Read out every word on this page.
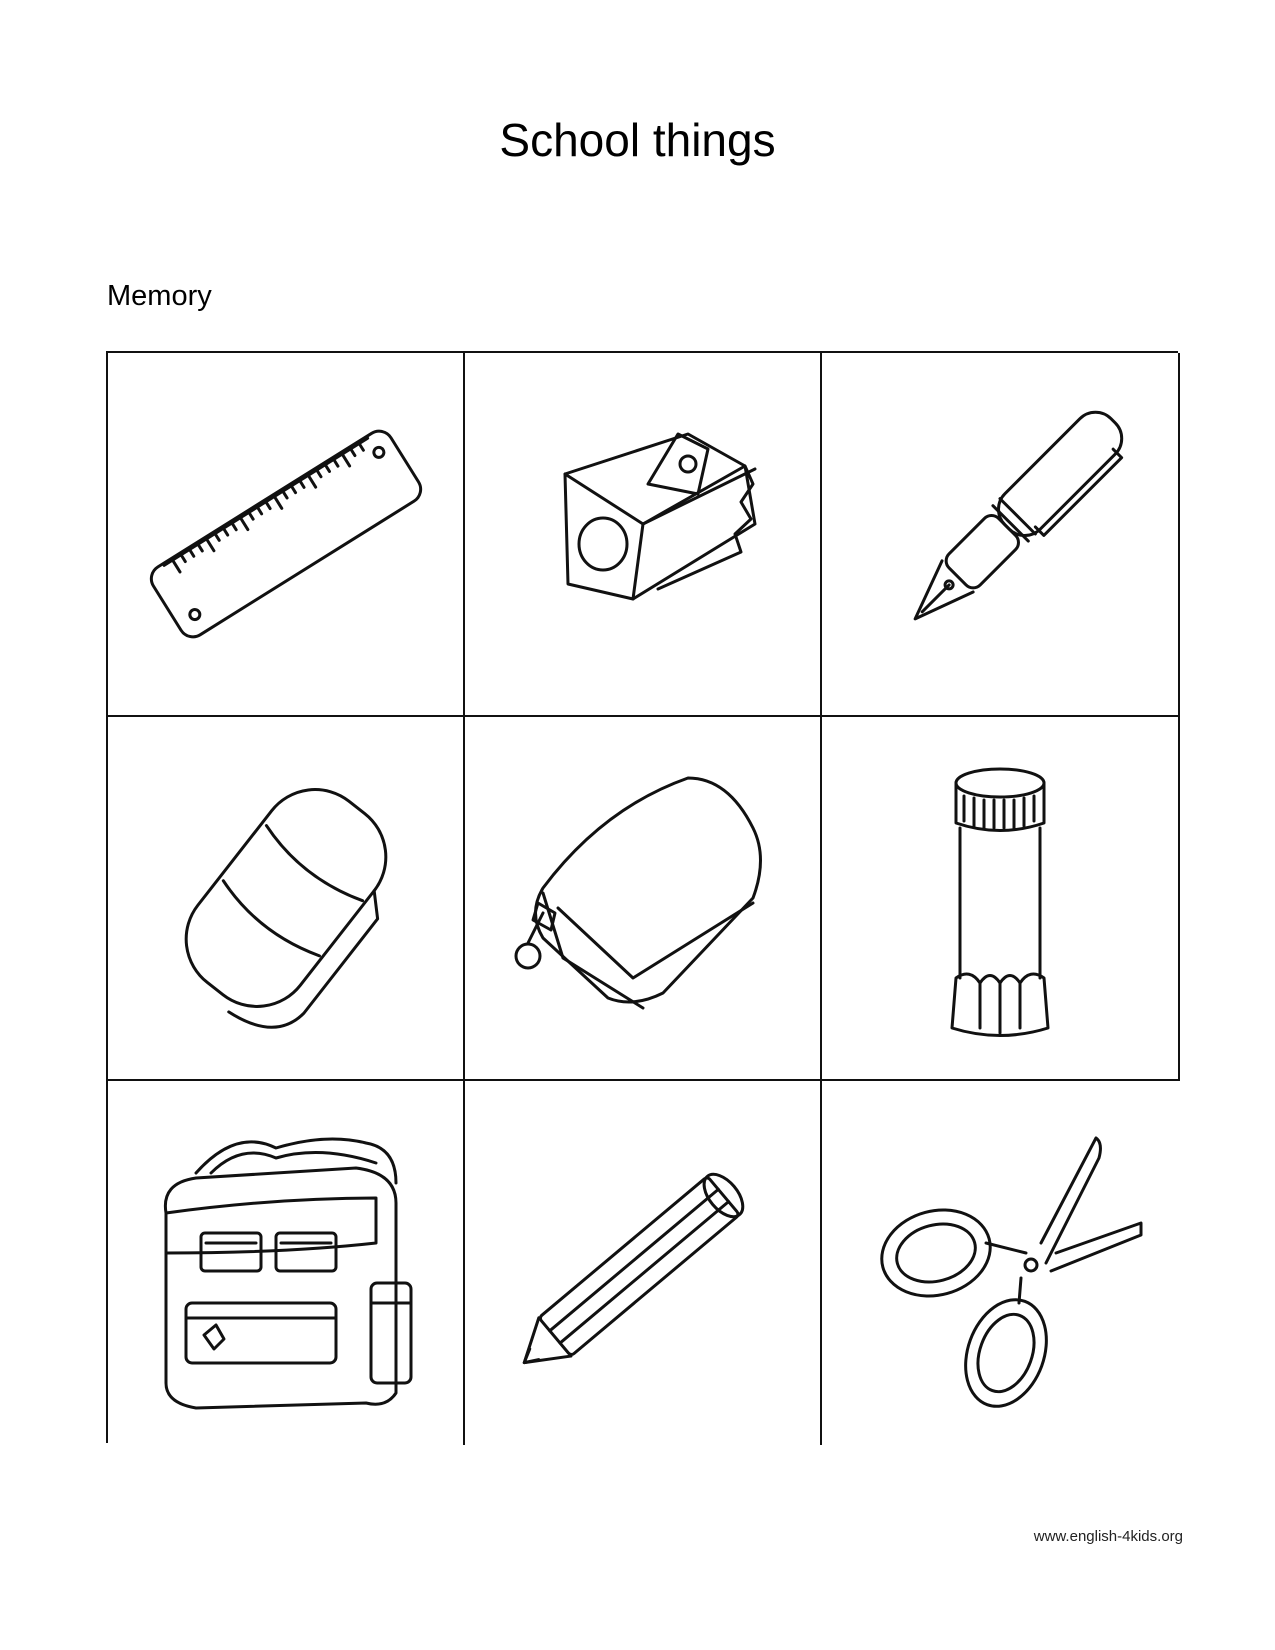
School things
Memory
www.english-4kids.org
